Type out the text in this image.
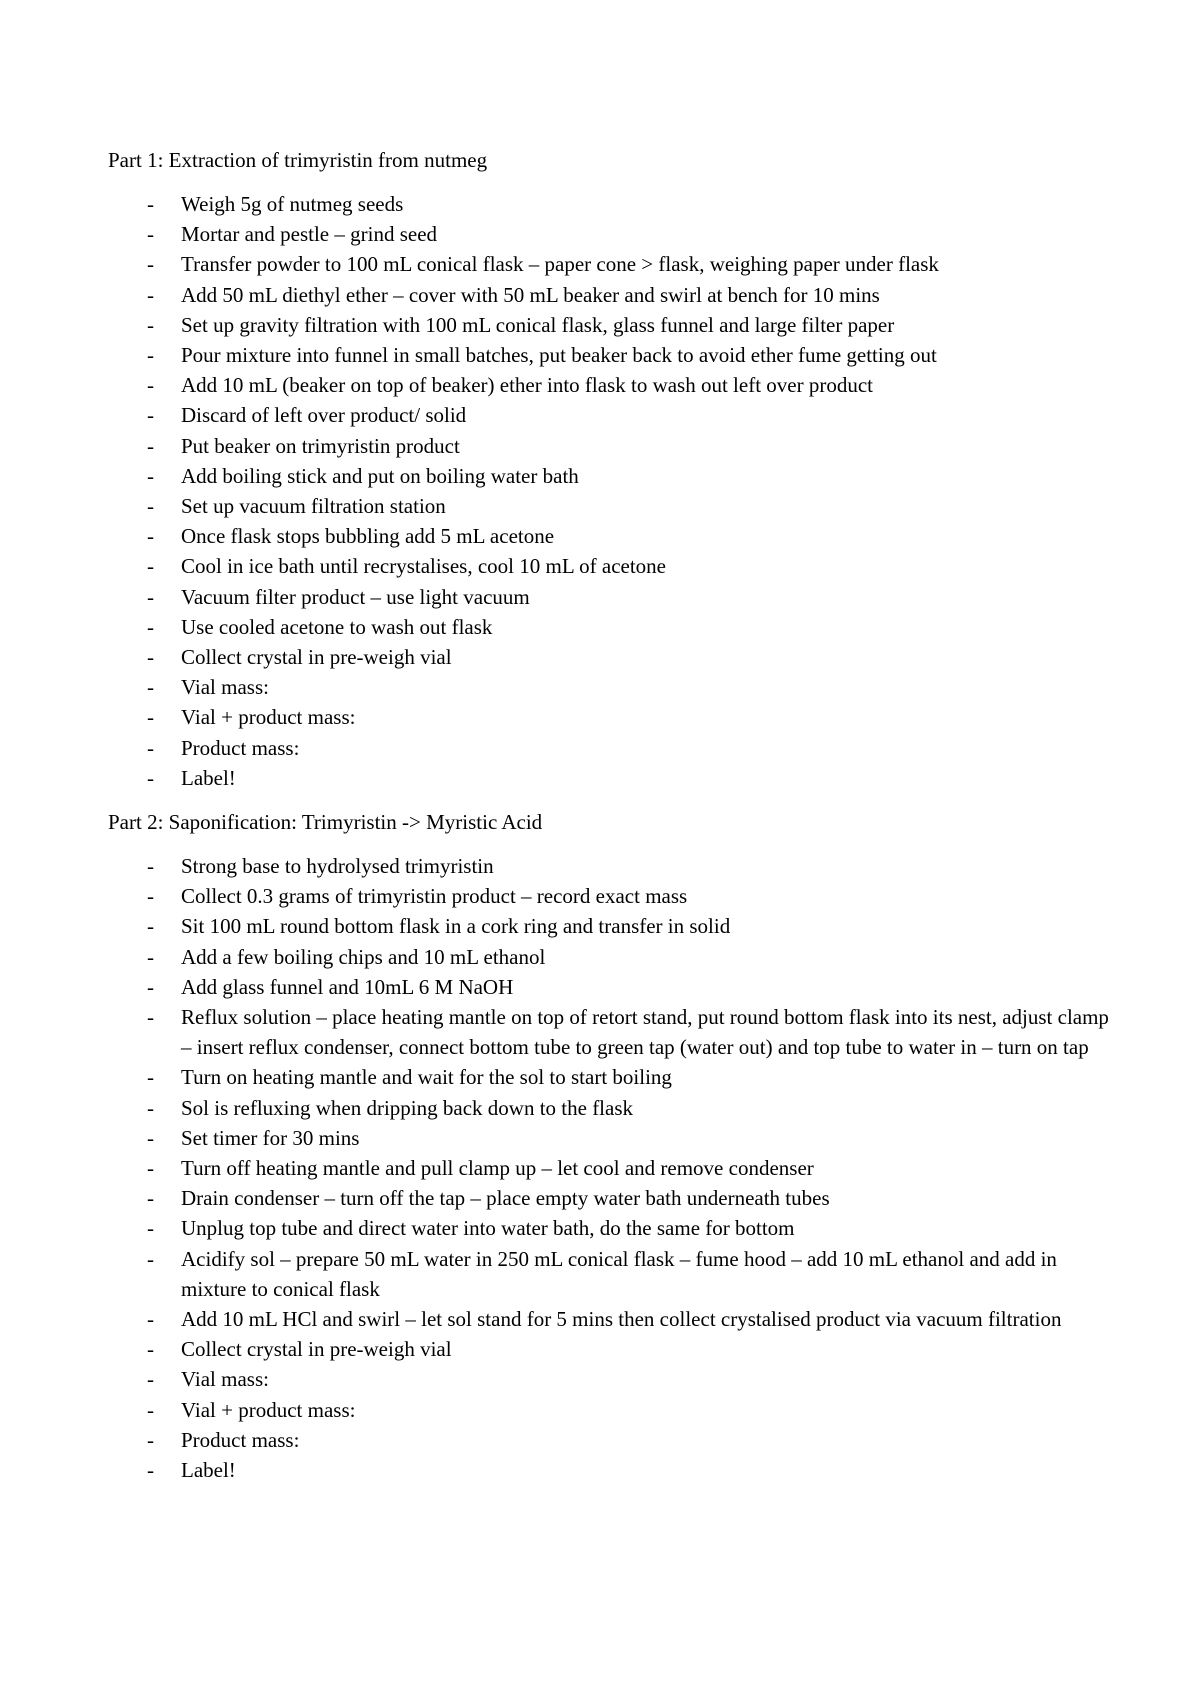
Part 1: Extraction of trimyristin from nutmeg
- Weigh 5g of nutmeg seeds
- Mortar and pestle – grind seed
- Transfer powder to 100 mL conical flask – paper cone > flask, weighing paper under flask
- Add 50 mL diethyl ether – cover with 50 mL beaker and swirl at bench for 10 mins
- Set up gravity filtration with 100 mL conical flask, glass funnel and large filter paper
- Pour mixture into funnel in small batches, put beaker back to avoid ether fume getting out
- Add 10 mL (beaker on top of beaker) ether into flask to wash out left over product
- Discard of left over product/ solid
- Put beaker on trimyristin product
- Add boiling stick and put on boiling water bath
- Set up vacuum filtration station
- Once flask stops bubbling add 5 mL acetone
- Cool in ice bath until recrystalises, cool 10 mL of acetone
- Vacuum filter product – use light vacuum
- Use cooled acetone to wash out flask
- Collect crystal in pre-weigh vial
- Vial mass:
- Vial + product mass:
- Product mass:
- Label!
Part 2: Saponification: Trimyristin -> Myristic Acid
- Strong base to hydrolysed trimyristin
- Collect 0.3 grams of trimyristin product – record exact mass
- Sit 100 mL round bottom flask in a cork ring and transfer in solid
- Add a few boiling chips and 10 mL ethanol
- Add glass funnel and 10mL 6 M NaOH
- Reflux solution – place heating mantle on top of retort stand, put round bottom flask into its nest, adjust clamp – insert reflux condenser, connect bottom tube to green tap (water out) and top tube to water in – turn on tap
- Turn on heating mantle and wait for the sol to start boiling
- Sol is refluxing when dripping back down to the flask
- Set timer for 30 mins
- Turn off heating mantle and pull clamp up – let cool and remove condenser
- Drain condenser – turn off the tap – place empty water bath underneath tubes
- Unplug top tube and direct water into water bath, do the same for bottom
- Acidify sol – prepare 50 mL water in 250 mL conical flask – fume hood – add 10 mL ethanol and add in mixture to conical flask
- Add 10 mL HCl and swirl – let sol stand for 5 mins then collect crystalised product via vacuum filtration
- Collect crystal in pre-weigh vial
- Vial mass:
- Vial + product mass:
- Product mass:
- Label!
